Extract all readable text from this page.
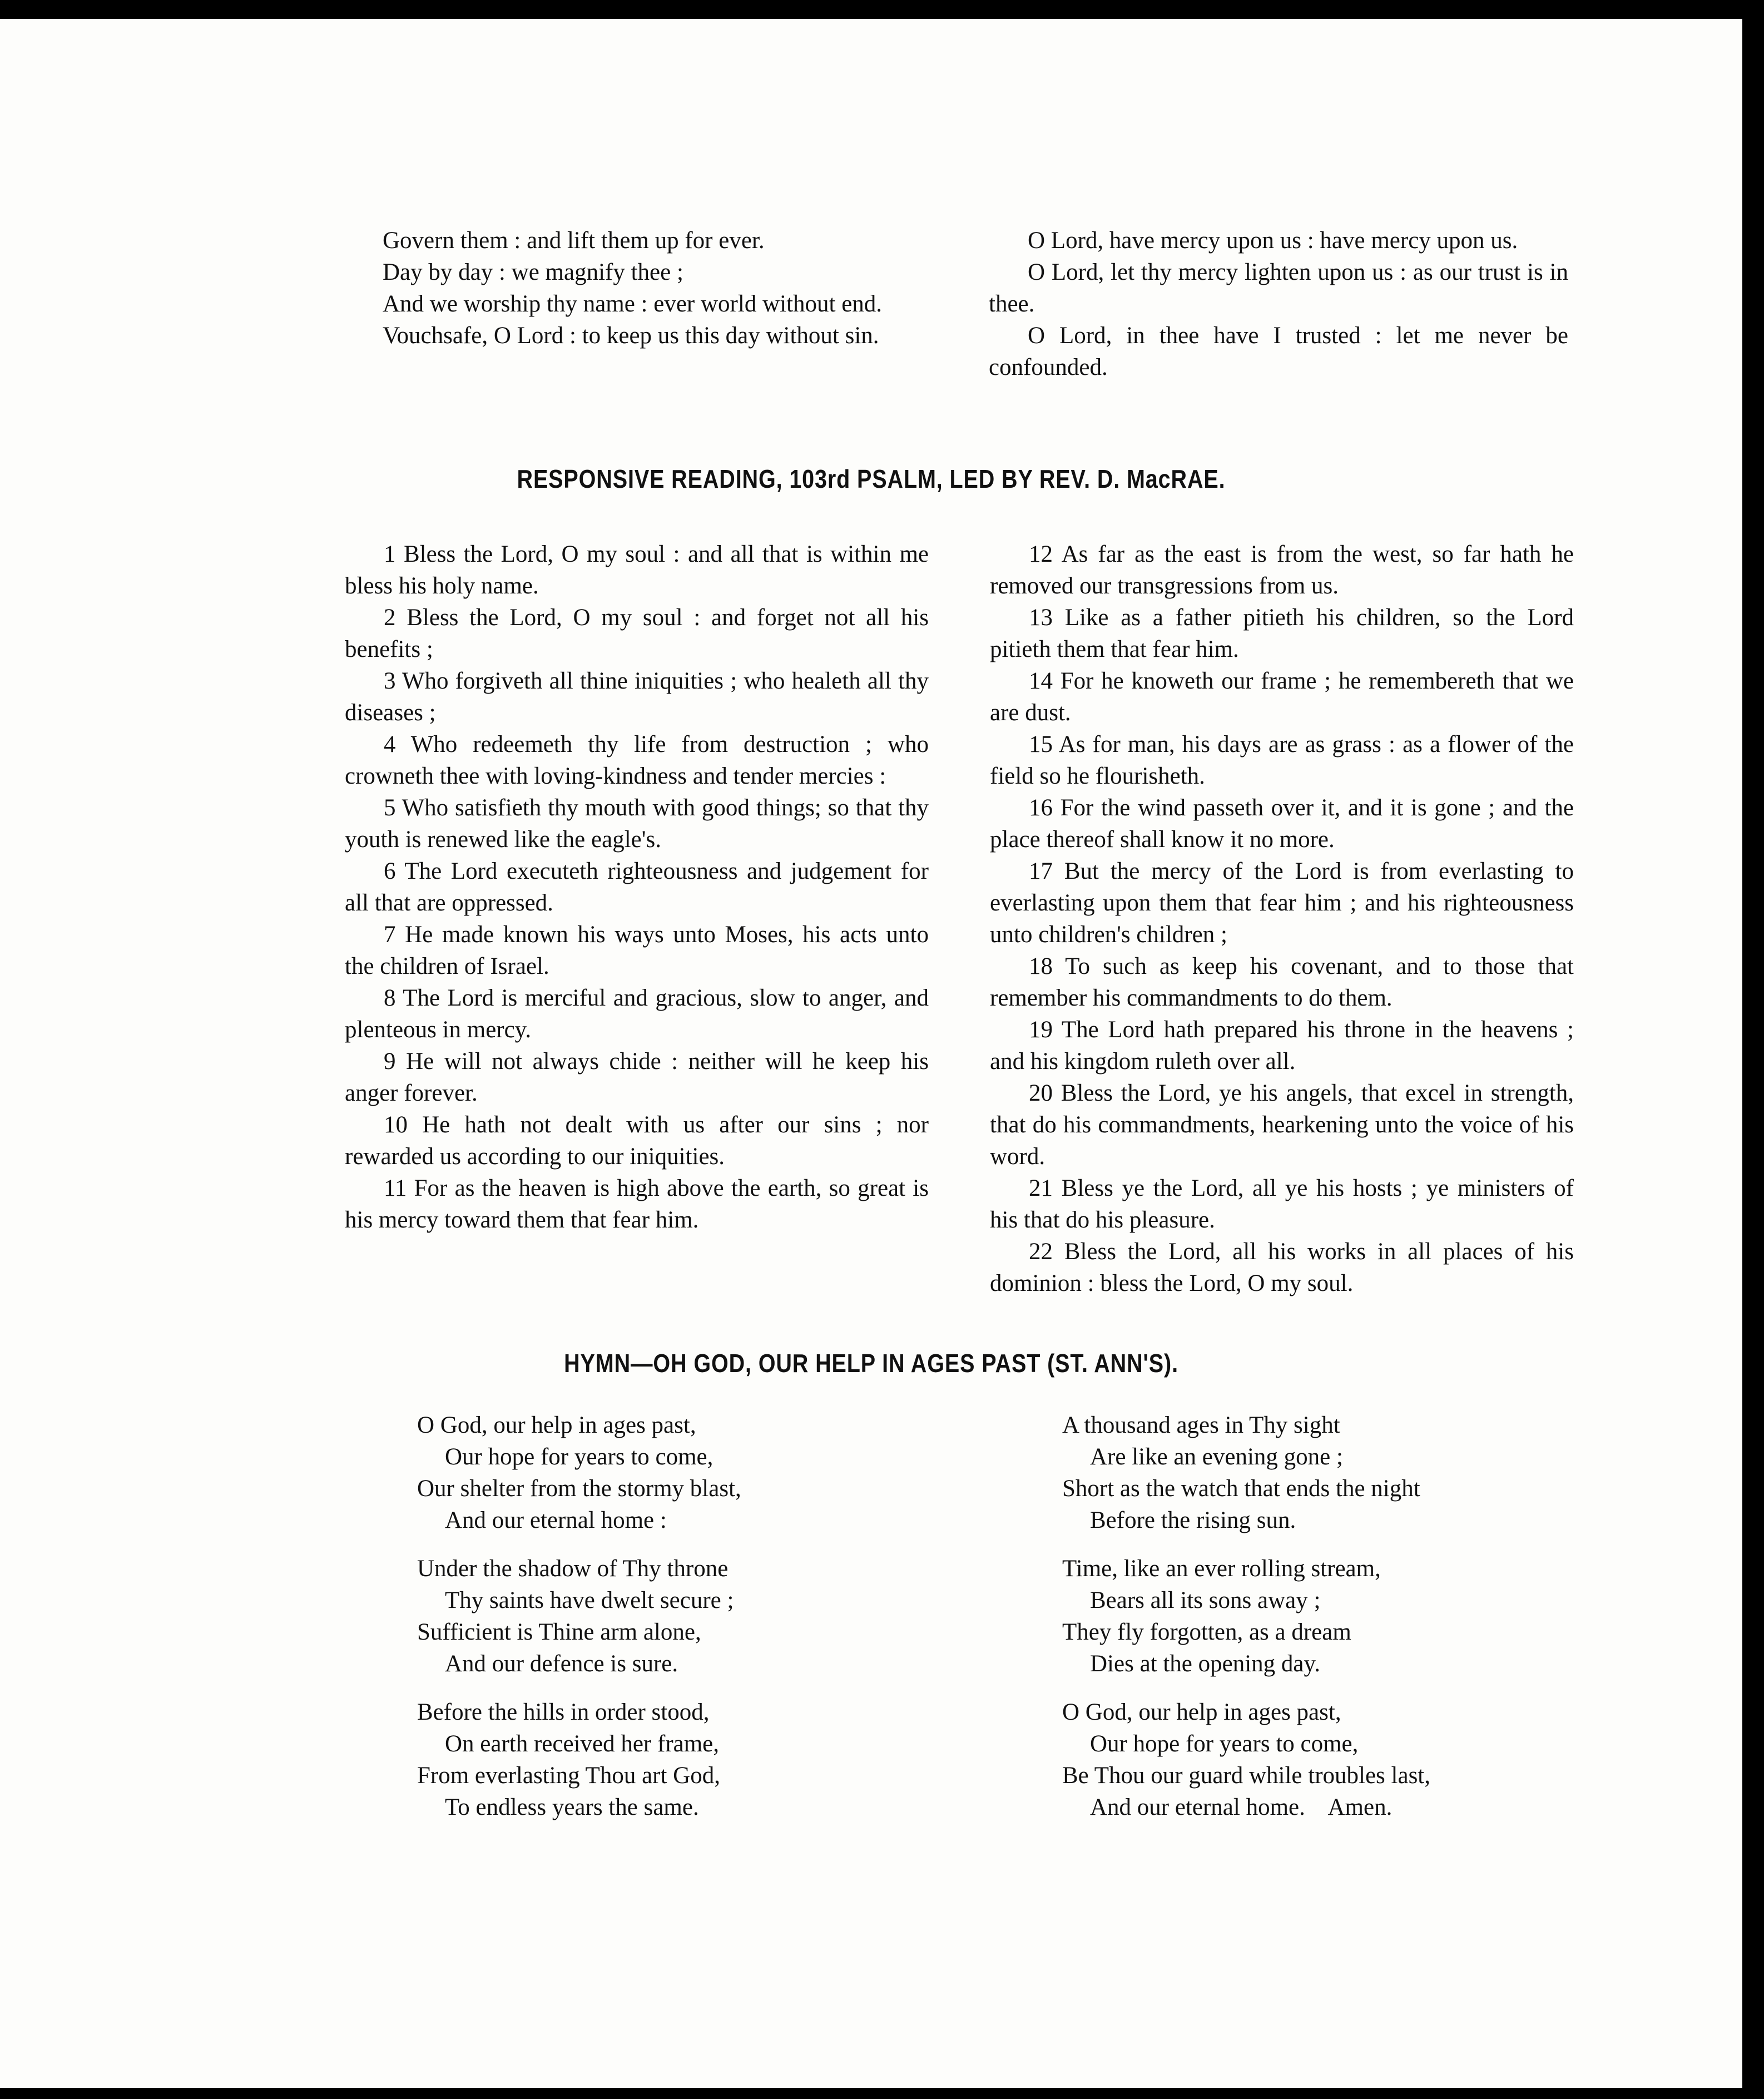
Govern them : and lift them up for ever.

Day by day : we magnify thee ;

And we worship thy name : ever world without end.

Vouchsafe, O Lord : to keep us this day without sin.

O Lord, have mercy upon us : have mercy upon us.

O Lord, let thy mercy lighten upon us : as our trust is in thee.

O Lord, in thee have I trusted : let me never be confounded.

RESPONSIVE READING, 103rd PSALM, LED BY REV. D. MacRAE.

1 Bless the Lord, O my soul : and all that is within me bless his holy name.

2 Bless the Lord, O my soul : and forget not all his benefits ;

3 Who forgiveth all thine iniquities ; who healeth all thy diseases ;

4 Who redeemeth thy life from destruction ; who crowneth thee with loving-kindness and tender mercies :

5 Who satisfieth thy mouth with good things; so that thy youth is renewed like the eagle's.

6 The Lord executeth righteousness and judgement for all that are oppressed.

7 He made known his ways unto Moses, his acts unto the children of Israel.

8 The Lord is merciful and gracious, slow to anger, and plenteous in mercy.

9 He will not always chide : neither will he keep his anger forever.

10 He hath not dealt with us after our sins ; nor rewarded us according to our iniquities.

11 For as the heaven is high above the earth, so great is his mercy toward them that fear him.

12 As far as the east is from the west, so far hath he removed our transgressions from us.

13 Like as a father pitieth his children, so the Lord pitieth them that fear him.

14 For he knoweth our frame ; he remembereth that we are dust.

15 As for man, his days are as grass : as a flower of the field so he flourisheth.

16 For the wind passeth over it, and it is gone ; and the place thereof shall know it no more.

17 But the mercy of the Lord is from everlasting to everlasting upon them that fear him ; and his righteousness unto children's children ;

18 To such as keep his covenant, and to those that remember his commandments to do them.

19 The Lord hath prepared his throne in the heavens ; and his kingdom ruleth over all.

20 Bless the Lord, ye his angels, that excel in strength, that do his commandments, hearkening unto the voice of his word.

21 Bless ye the Lord, all ye his hosts ; ye ministers of his that do his pleasure.

22 Bless the Lord, all his works in all places of his dominion : bless the Lord, O my soul.

HYMN—OH GOD, OUR HELP IN AGES PAST (ST. ANN'S).
O God, our help in ages past,
Our hope for years to come,
Our shelter from the stormy blast,
And our eternal home :
Under the shadow of Thy throne
Thy saints have dwelt secure ;
Sufficient is Thine arm alone,
And our defence is sure.
Before the hills in order stood,
On earth received her frame,
From everlasting Thou art God,
To endless years the same.
A thousand ages in Thy sight
Are like an evening gone ;
Short as the watch that ends the night
Before the rising sun.
Time, like an ever rolling stream,
Bears all its sons away ;
They fly forgotten, as a dream
Dies at the opening day.
O God, our help in ages past,
Our hope for years to come,
Be Thou our guard while troubles last,
And our eternal home.    Amen.
